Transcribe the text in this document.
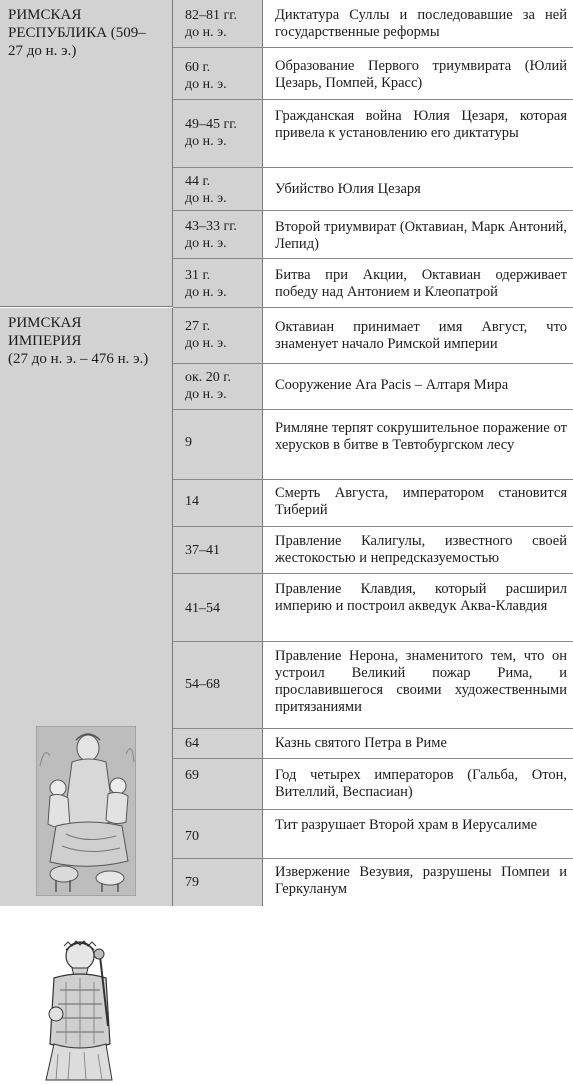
РИМСКАЯ
РЕСПУБЛИКА (509–
27 до н. э.)
РИМСКАЯ
ИМПЕРИЯ
(27 до н. э. – 476 н. э.)
82–81 гг.
до н. э.
Диктатура Суллы и последовавшие за ней государственные реформы
60 г.
до н. э.
Образование Первого триумвирата (Юлий Цезарь, Помпей, Красс)
49–45 гг.
до н. э.
Гражданская война Юлия Цезаря, которая привела к установлению его диктатуры
44 г.
до н. э.
Убийство Юлия Цезаря
43–33 гг.
до н. э.
Второй триумвират (Октавиан, Марк Антоний, Лепид)
31 г.
до н. э.
Битва при Акции, Октавиан одерживает победу над Антонием и Клеопатрой
27 г.
до н. э.
Октавиан принимает имя Август, что знаменует начало Римской империи
ок. 20 г.
до н. э.
Сооружение Ara Pacis – Алтаря Мира
9
Римляне терпят сокрушительное поражение от херусков в битве в Тевтобургском лесу
14
Смерть Августа, императором становится Тиберий
37–41
Правление Калигулы, известного своей жестокостью и непредсказуемостью
41–54
Правление Клавдия, который расширил империю и построил акведук Аква-Клавдия
54–68
Правление Нерона, знаменитого тем, что он устроил Великий пожар Рима, и прославившегося своими художественными притязаниями
64	Казнь святого Петра в Риме
69	Год четырех императоров (Гальба, Отон, Вителлий, Веспасиан)
70
Тит разрушает Второй храм в Иерусалиме
79
Извержение Везувия, разрушены Помпеи и Геркуланум
